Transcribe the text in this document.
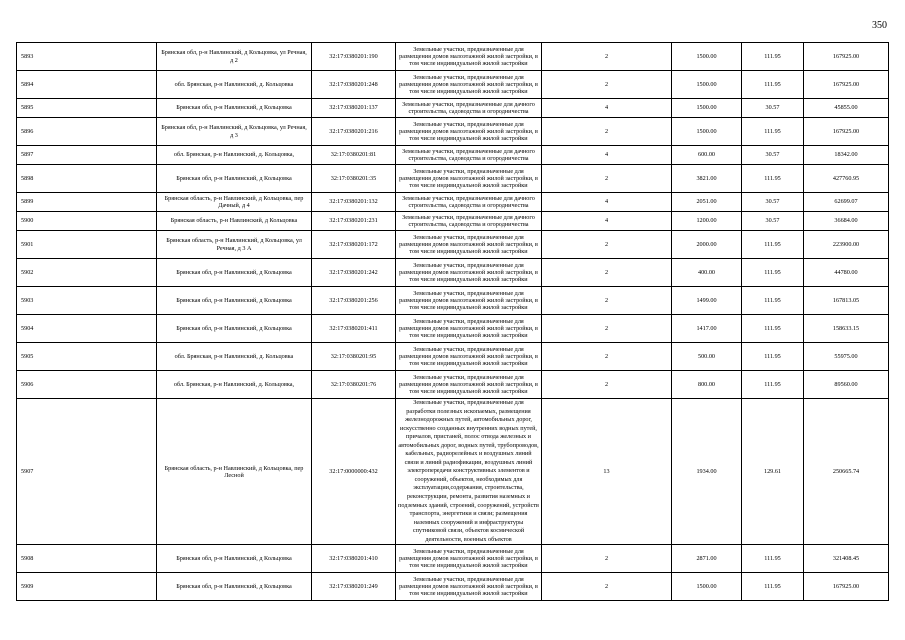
350
5893	Брянская обл, р-н Навлинский, д Кольцовка, ул Речная, д 2	32:17:0380201:190	Земельные участки, предназначенные для размещения домов малоэтажной жилой застройки, в том числе индивидуальной жилой застройки	2	1500.00	111.95	167925.00
5894	обл. Брянская, р-н Навлинский, д. Кольцовка	32:17:0380201:248	Земельные участки, предназначенные для размещения домов малоэтажной жилой застройки, в том числе индивидуальной жилой застройки	2	1500.00	111.95	167925.00
5895	Брянская обл, р-н Навлинский, д Кольцовка	32:17:0380201:137	Земельные участки, предназначенные для дачного строительства, садоводства и огородничества	4	1500.00	30.57	45855.00
5896	Брянская обл, р-н Навлинский, д Кольцовка, ул Речная, д 3	32:17:0380201:216	Земельные участки, предназначенные для размещения домов малоэтажной жилой застройки, в том числе индивидуальной жилой застройки	2	1500.00	111.95	167925.00
5897	обл. Брянская, р-н Навлинский, д. Кольцовка,	32:17:0380201:81	Земельные участки, предназначенные для дачного строительства, садоводства и огородничества	4	600.00	30.57	18342.00
5898	Брянская обл, р-н Навлинский, д Кольцовка	32:17:0380201:35	Земельные участки, предназначенные для размещения домов малоэтажной жилой застройки, в том числе индивидуальной жилой застройки	2	3821.00	111.95	427760.95
5899	Брянская область, р-н Навлинский, д Кольцовка, пер Дачный, д 4	32:17:0380201:132	Земельные участки, предназначенные для дачного строительства, садоводства и огородничества	4	2051.00	30.57	62699.07
5900	Брянская область, р-н Навлинский, д Кольцовка	32:17:0380201:231	Земельные участки, предназначенные для дачного строительства, садоводства и огородничества	4	1200.00	30.57	36684.00
5901	Брянская область, р-н Навлинский, д Кольцовка, ул Речная, д 3 А	32:17:0380201:172	Земельные участки, предназначенные для размещения домов малоэтажной жилой застройки, в том числе индивидуальной жилой застройки	2	2000.00	111.95	223900.00
5902	Брянская обл, р-н Навлинский, д Кольцовка	32:17:0380201:242	Земельные участки, предназначенные для размещения домов малоэтажной жилой застройки, в том числе индивидуальной жилой застройки	2	400.00	111.95	44780.00
5903	Брянская обл, р-н Навлинский, д Кольцовка	32:17:0380201:256	Земельные участки, предназначенные для размещения домов малоэтажной жилой застройки, в том числе индивидуальной жилой застройки	2	1499.00	111.95	167813.05
5904	Брянская обл, р-н Навлинский, д Кольцовка	32:17:0380201:411	Земельные участки, предназначенные для размещения домов малоэтажной жилой застройки, в том числе индивидуальной жилой застройки	2	1417.00	111.95	158633.15
5905	обл. Брянская, р-н Навлинский, д. Кольцовка	32:17:0380201:95	Земельные участки, предназначенные для размещения домов малоэтажной жилой застройки, в том числе индивидуальной жилой застройки	2	500.00	111.95	55975.00
5906	обл. Брянская, р-н Навлинский, д. Кольцовка,	32:17:0380201:76	Земельные участки, предназначенные для размещения домов малоэтажной жилой застройки, в том числе индивидуальной жилой застройки	2	800.00	111.95	89560.00
5907	Брянская область, р-н Навлинский, д Кольцовка, пер Лесной	32:17:0000000:432	Земельные участки, предназначенные для разработки полезных ископаемых, размещения железнодорожных путей, автомобильных дорог, искусственно созданных внутренних водных путей, причалов, пристаней, полос отвода железных и автомобильных дорог, водных путей, трубопроводов, кабельных, радиорелейных и воздушных линий связи и линий радиофикации, воздушных линий электропередачи конструктивных элементов и сооружений, объектов, необходимых для эксплуатации,содержания, строительства, реконструкции, ремонта, развития наземных и подземных зданий, строений, сооружений, устройств транспорта, энергетики и связи; размещения наземных сооружений и инфраструктуры спутниковой связи, объектов космической деятельности, военных объектов	13	1934.00	129.61	250665.74
5908	Брянская обл, р-н Навлинский, д Кольцовка	32:17:0380201:410	Земельные участки, предназначенные для размещения домов малоэтажной жилой застройки, в том числе индивидуальной жилой застройки	2	2871.00	111.95	321408.45
5909	Брянская обл, р-н Навлинский, д Кольцовка	32:17:0380201:249	Земельные участки, предназначенные для размещения домов малоэтажной жилой застройки, в том числе индивидуальной жилой застройки	2	1500.00	111.95	167925.00
